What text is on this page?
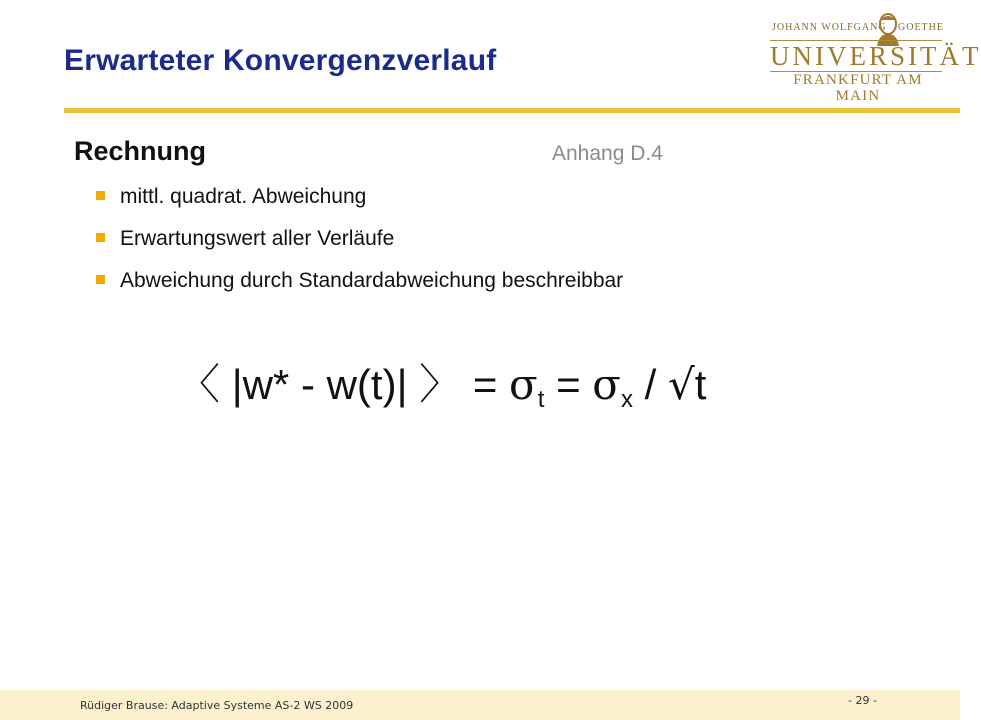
Erwarteter Konvergenzverlauf
JOHANN WOLFGANG GOETHE
UNIVERSITÄT
FRANKFURT AM MAIN
Rechnung	Anhang D.4
mittl. quadrat. Abweichung
Erwartungswert aller Verläufe
Abweichung durch Standardabweichung beschreibbar
〈 |w* - w(t)| 〉 = $\sigma_t = \sigma_x / √t$
Rüdiger Brause: Adaptive Systeme AS-2 WS 2009	- 29 -
